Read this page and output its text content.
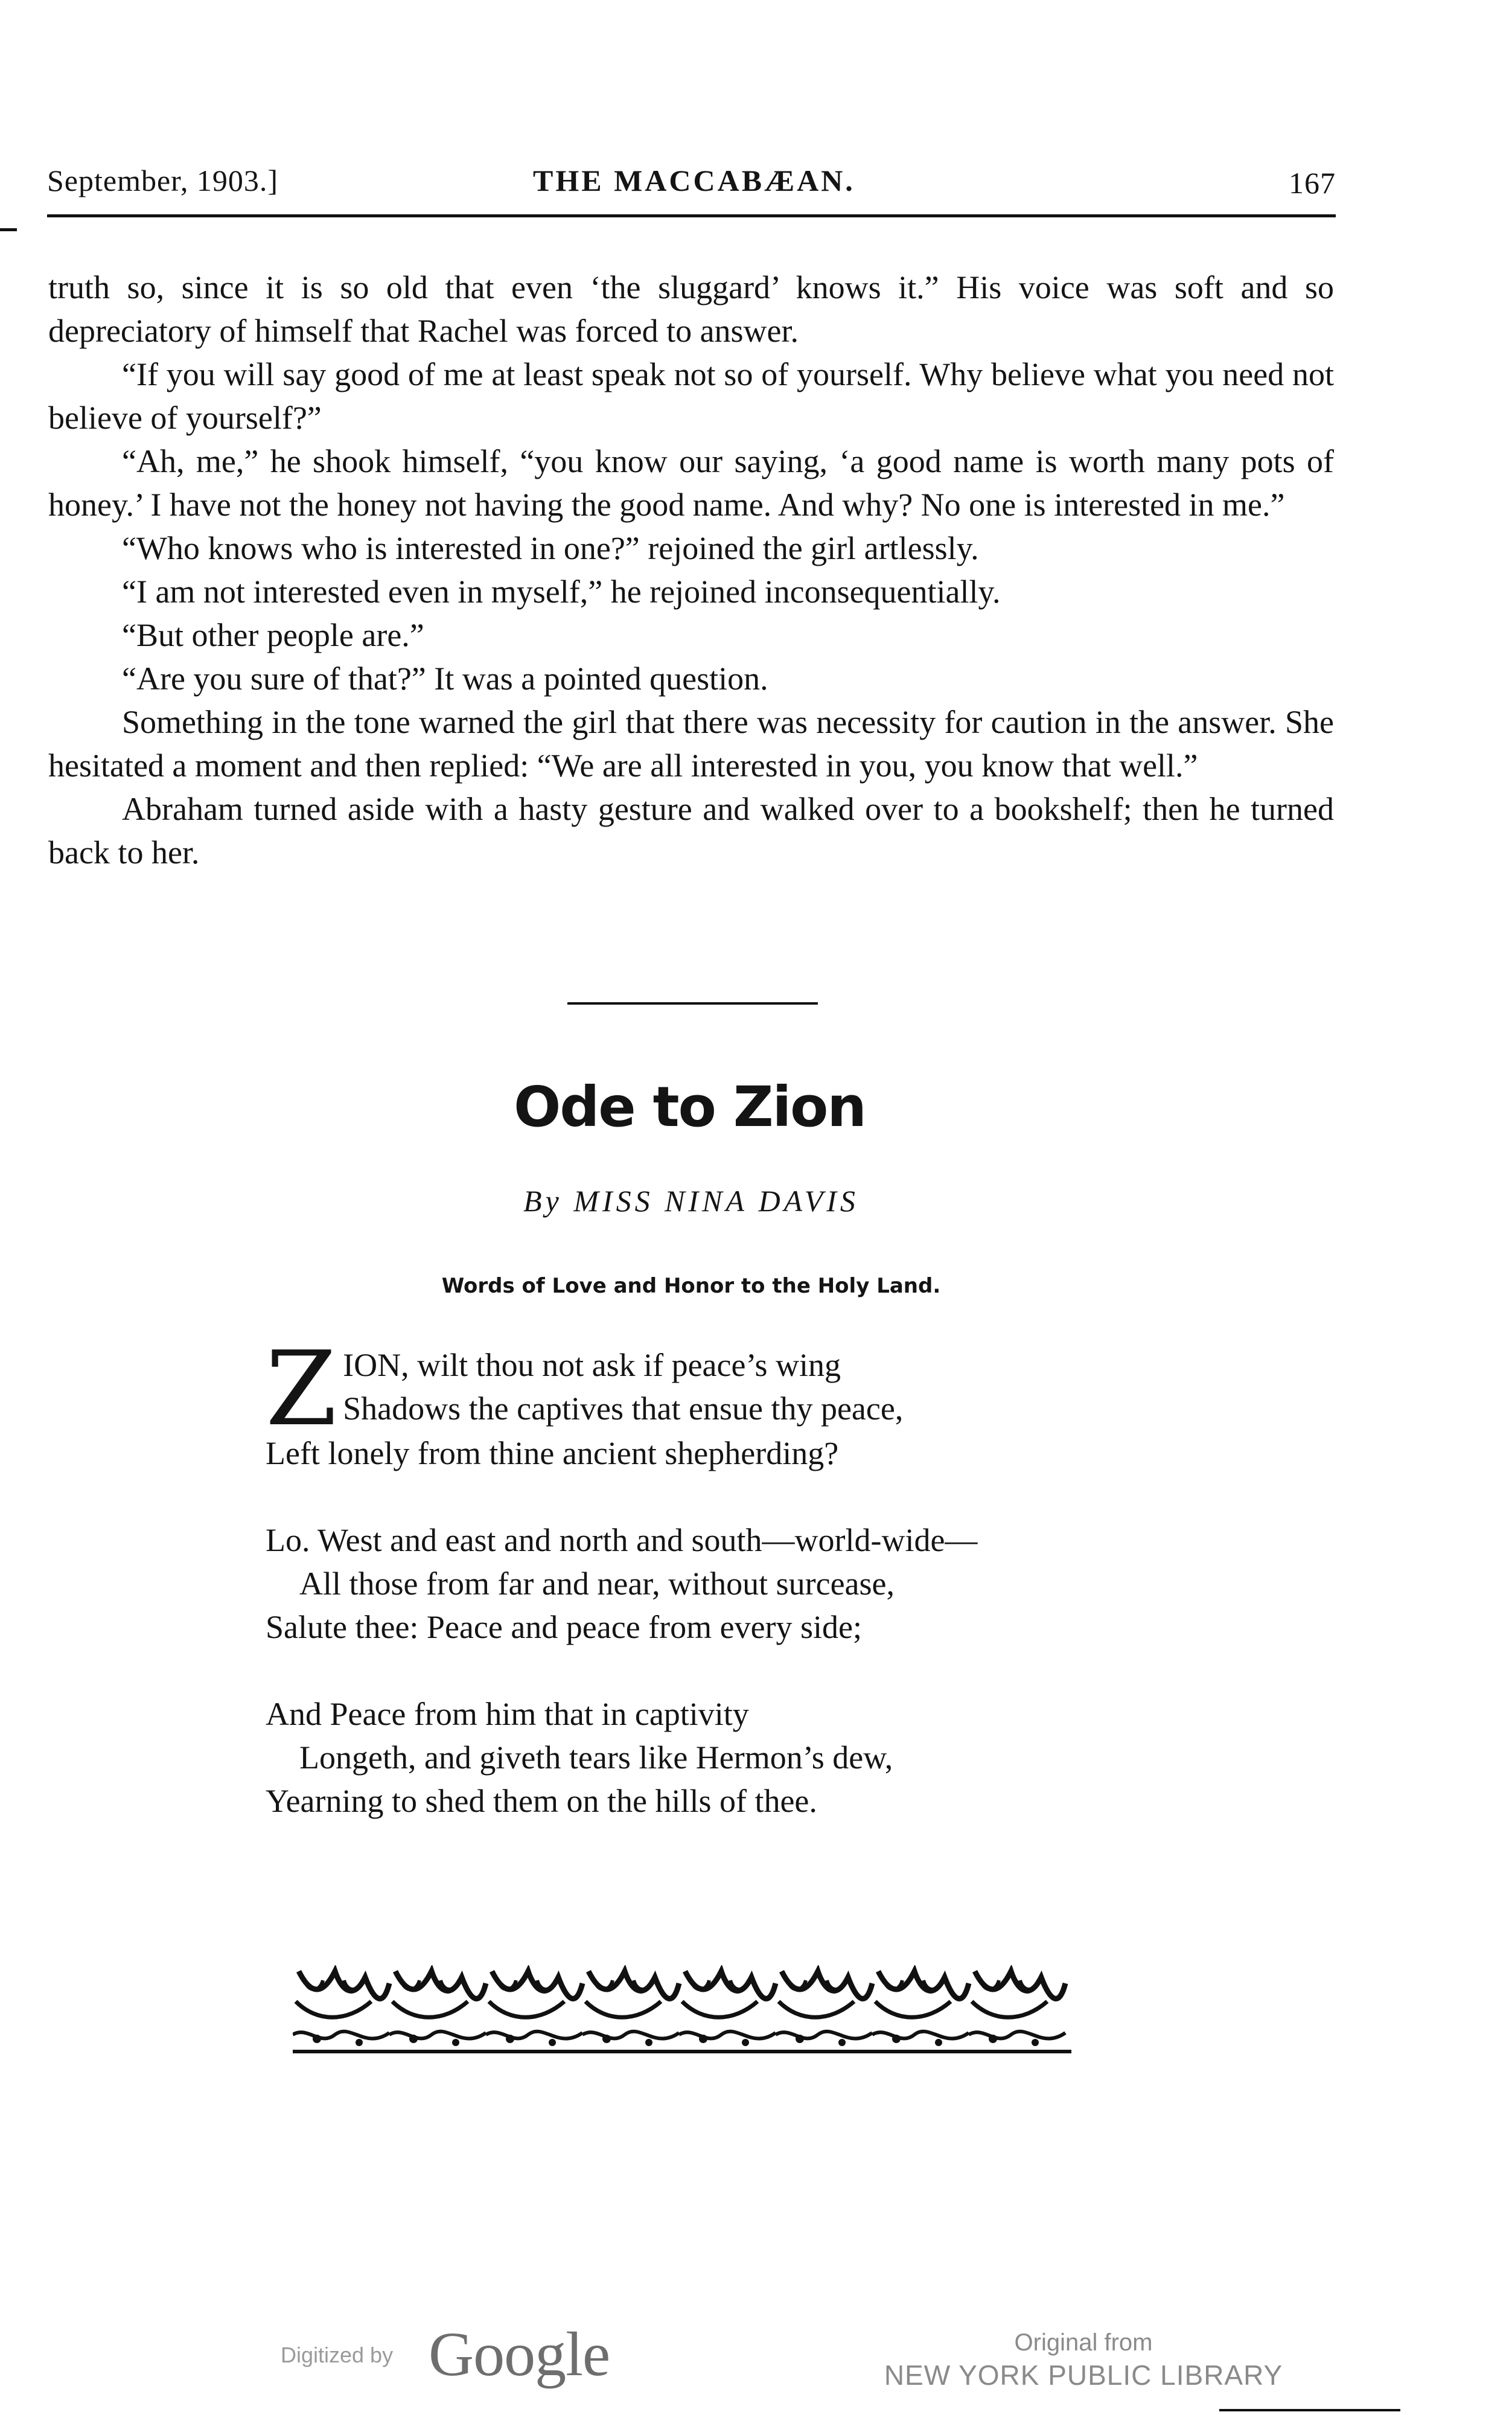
September, 1903.]	THE MACCABÆAN.	167

truth so, since it is so old that even ‘the sluggard’ knows it.” His voice was soft and so depreciatory of himself that Rachel was forced to answer.

“If you will say good of me at least speak not so of yourself. Why believe what you need not believe of yourself?”

“Ah, me,” he shook himself, “you know our saying, ‘a good name is worth many pots of honey.’ I have not the honey not having the good name. And why? No one is interested in me.”

“Who knows who is interested in one?” rejoined the girl artlessly.

“I am not interested even in myself,” he rejoined inconsequentially.

“But other people are.”

“Are you sure of that?” It was a pointed question.

Something in the tone warned the girl that there was necessity for caution in the answer. She hesitated a moment and then replied: “We are all interested in you, you know that well.”

Abraham turned aside with a hasty gesture and walked over to a bookshelf; then he turned back to her.

Ode to Zion
By MISS NINA DAVIS
Words of Love and Honor to the Holy Land.
Z ION, wilt thou not ask if peace’s wing
Shadows the captives that ensue thy peace,
Left lonely from thine ancient shepherding?
Lo. West and east and north and south—world-wide—
All those from far and near, without surcease,
Salute thee: Peace and peace from every side;
And Peace from him that in captivity
Longeth, and giveth tears like Hermon’s dew,
Yearning to shed them on the hills of thee.
Digitized by Google	Original from
NEW YORK PUBLIC LIBRARY
